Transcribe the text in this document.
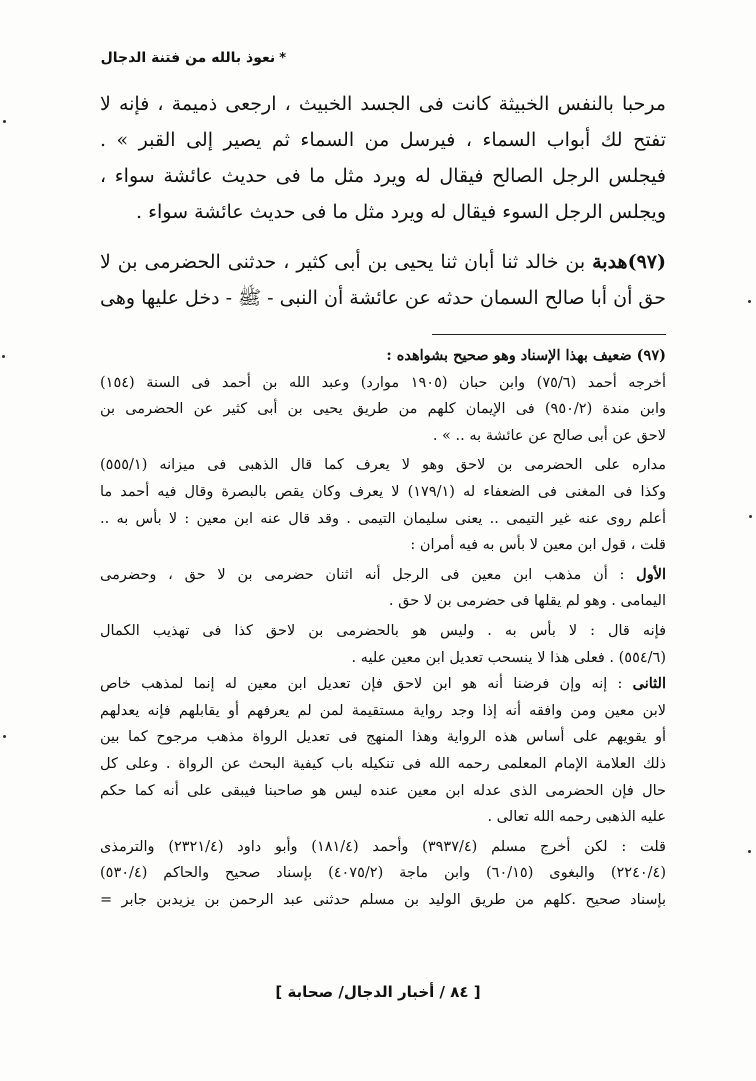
*نعوذ بالله من فتنة الدجال

مرحبا بالنفس الخبيثة كانت فى الجسد الخبيث ، ارجعى ذميمة ، فإنه لا تفتح لك أبواب السماء ، فيرسل من السماء ثم يصير إلى القبر » . فيجلس الرجل الصالح فيقال له ويرد مثل ما فى حديث عائشة سواء ، ويجلس الرجل السوء فيقال له ويرد مثل ما فى حديث عائشة سواء .

(٩٧)هدبة بن خالد ثنا أبان ثنا يحيى بن أبى كثير ، حدثنى الحضرمى بن لا حق أن أبا صالح السمان حدثه عن عائشة أن النبى - ﷺ - دخل عليها وهى

(٩٧) ضعيف بهذا الإسناد وهو صحيح بشواهده :
أخرجه أحمد (٧٥/٦) وابن حبان (١٩٠٥ موارد) وعبد الله بن أحمد فى السنة (١٥٤)
وابن مندة (٩٥٠/٢) فى الإيمان كلهم من طريق يحيى بن أبى كثير عن الحضرمى بن
لاحق عن أبى صالح عن عائشة به .. » .
مداره على الحضرمى بن لاحق وهو لا يعرف كما قال الذهبى فى ميزانه (٥٥٥/١)
وكذا فى المغنى فى الضعفاء له (١٧٩/١) لا يعرف وكان يقص بالبصرة وقال فيه أحمد ما
أعلم روى عنه غير التيمى .. يعنى سليمان التيمى . وقد قال عنه ابن معين : لا بأس به ..
قلت ، قول ابن معين لا بأس به فيه أمران :
الأول : أن مذهب ابن معين فى الرجل أنه اثنان حضرمى بن لا حق ، وحضرمى
اليمامى . وهو لم يقلها فى حضرمى بن لا حق .
فإنه قال : لا بأس به . وليس هو بالحضرمى بن لاحق كذا فى تهذيب الكمال
(٥٥٤/٦) . فعلى هذا لا ينسحب تعديل ابن معين عليه .
الثانى : إنه وإن فرضنا أنه هو ابن لاحق فإن تعديل ابن معين له إنما لمذهب خاص
لابن معين ومن وافقه أنه إذا وجد رواية مستقيمة لمن لم يعرفهم أو يقابلهم فإنه يعدلهم
أو يقويهم على أساس هذه الرواية وهذا المنهج فى تعديل الرواة مذهب مرجوح كما بين
ذلك العلامة الإمام المعلمى رحمه الله فى تنكيله باب كيفية البحث عن الرواة . وعلى كل
حال فإن الحضرمى الذى عدله ابن معين عنده ليس هو صاحبنا فيبقى على أنه كما حكم
عليه الذهبى رحمه الله تعالى .
قلت : لكن أخرج مسلم (٣٩٣٧/٤) وأحمد (١٨١/٤) وأبو داود (٢٣٢١/٤) والترمذى
(٢٢٤٠/٤) والبغوى (٦٠/١٥) وابن ماجة (٤٠٧٥/٢) بإسناد صحيح والحاكم (٥٣٠/٤)
بإسناد صحيح .كلهم من طريق الوليد بن مسلم حدثنى عبد الرحمن بن يزيدبن جابر =
[ ٨٤ / أخبار الدجال/ صحابة ]
